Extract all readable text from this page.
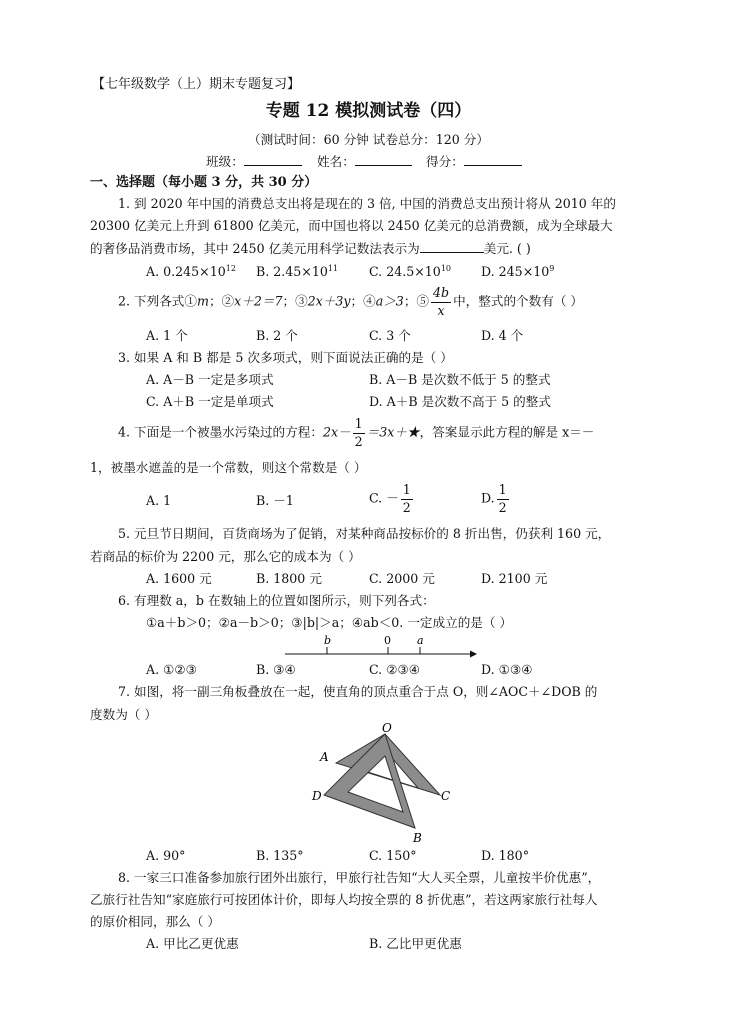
【七年级数学（上）期末专题复习】
专题 12 模拟测试卷（四）
（测试时间：60 分钟 试卷总分：120 分）
班级：	姓名：	得分：
一、选择题（每小题 3 分，共 30 分）
1. 到 2020 年中国的消费总支出将是现在的 3 倍, 中国的消费总支出预计将从 2010 年的
20300 亿美元上升到 61800 亿美元，而中国也将以 2450 亿美元的总消费额，成为全球最大
的奢侈品消费市场，其中 2450 亿美元用科学记数法表示为	美元. ( )
A. $0.245\times 10^{12}$ B. $2.45\times 10^{11}$ C. $24.5\times 10^{10}$ D. $245\times 10^9$
2. 下列各式①m；②x＋2＝7；③2x＋3y；④a＞3；⑤ $\frac{4b}{x}$ 中，整式的个数有（ ）
A. 1 个	B. 2 个	C. 3 个	D. 4 个
3. 如果 A 和 B 都是 5 次多项式，则下面说法正确的是（ ）
A. A－B 一定是多项式	B. A－B 是次数不低于 5 的整式
C. A＋B 一定是单项式	D. A＋B 是次数不高于 5 的整式
4. 下面是一个被墨水污染过的方程：$2x- \frac{1}{2}$ ＝3x＋★，答案显示此方程的解是 x＝－
1，被墨水遮盖的是一个常数，则这个常数是（ ）
A. 1	B. －1	C. － $\frac{1}{2}$	D. $\frac{1}{2}$
5. 元旦节日期间，百货商场为了促销，对某种商品按标价的 8 折出售，仍获利 160 元，
若商品的标价为 2200 元，那么它的成本为（ ）
A. 1600 元	B. 1800 元	C. 2000 元	D. 2100 元
6. 有理数 a，b 在数轴上的位置如图所示，则下列各式：
①a＋b＞0；②a－b＞0；③|b|＞a；④ab＜0. 一定成立的是（ ）
b	0 a
A. ①②③	B. ③④	C. ②③④	D. ①③④
7. 如图，将一副三角板叠放在一起，使直角的顶点重合于点 O，则∠AOC＋∠DOB 的
度数为（ ）
O
A
D	C
B
A. 90°	B. 135°	C. 150°	D. 180°
8. 一家三口准备参加旅行团外出旅行，甲旅行社告知“大人买全票，儿童按半价优惠”，
乙旅行社告知“家庭旅行可按团体计价，即每人均按全票的 8 折优惠”，若这两家旅行社每人
的原价相同，那么（ ）
A. 甲比乙更优惠	B. 乙比甲更优惠
